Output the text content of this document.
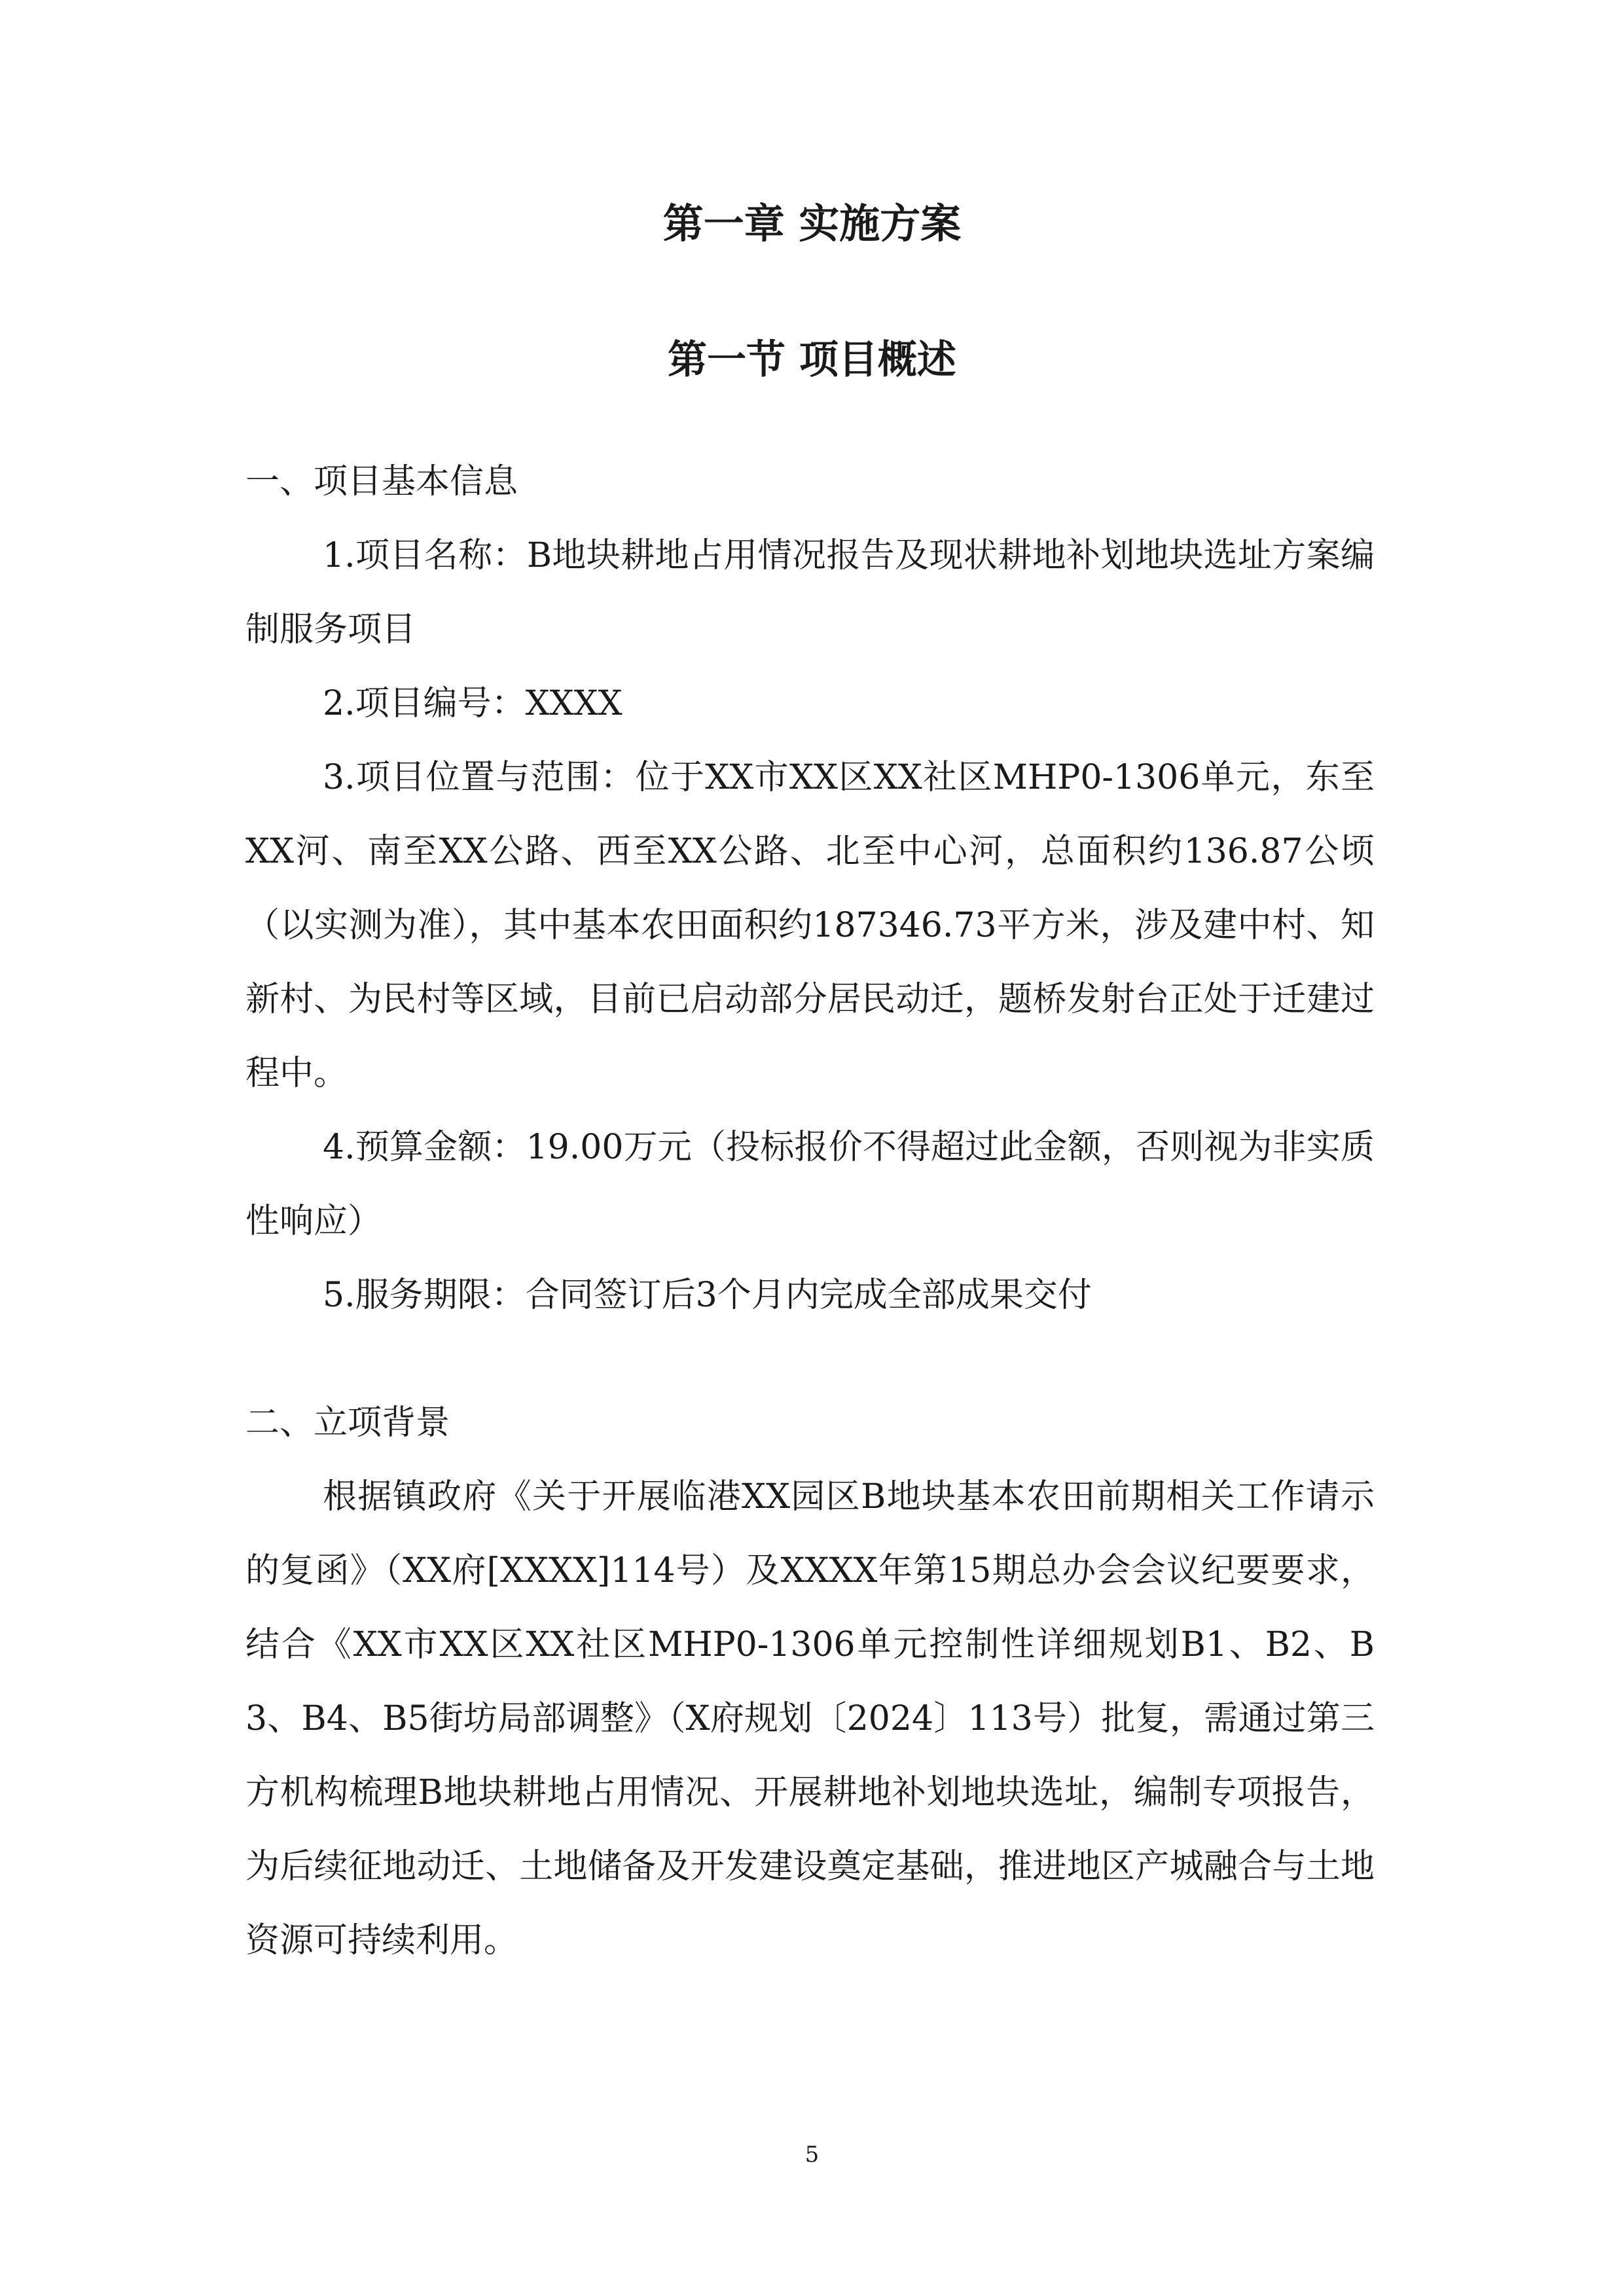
第一章 实施方案
第一节 项目概述

一、项目基本信息

1.项目名称：B地块耕地占用情况报告及现状耕地补划地块选址方案编制服务项目

2.项目编号：XXXX

3.项目位置与范围：位于XX市XX区XX社区MHP0-1306单元，东至XX河、南至XX公路、西至XX公路、北至中心河，总面积约136.87公顷（以实测为准），其中基本农田面积约187346.73平方米，涉及建中村、知新村、为民村等区域，目前已启动部分居民动迁，题桥发射台正处于迁建过程中。

4.预算金额：19.00万元（投标报价不得超过此金额，否则视为非实质性响应）

5.服务期限：合同签订后3个月内完成全部成果交付

二、立项背景

根据镇政府《关于开展临港XX园区B地块基本农田前期相关工作请示的复函》（XX府[XXXX]114号）及XXXX年第15期总办会会议纪要要求，结合《XX市XX区XX社区MHP0-1306单元控制性详细规划B1、B2、B3、B4、B5街坊局部调整》（X府规划〔2024〕113号）批复，需通过第三方机构梳理B地块耕地占用情况、开展耕地补划地块选址，编制专项报告，为后续征地动迁、土地储备及开发建设奠定基础，推进地区产城融合与土地资源可持续利用。

5
